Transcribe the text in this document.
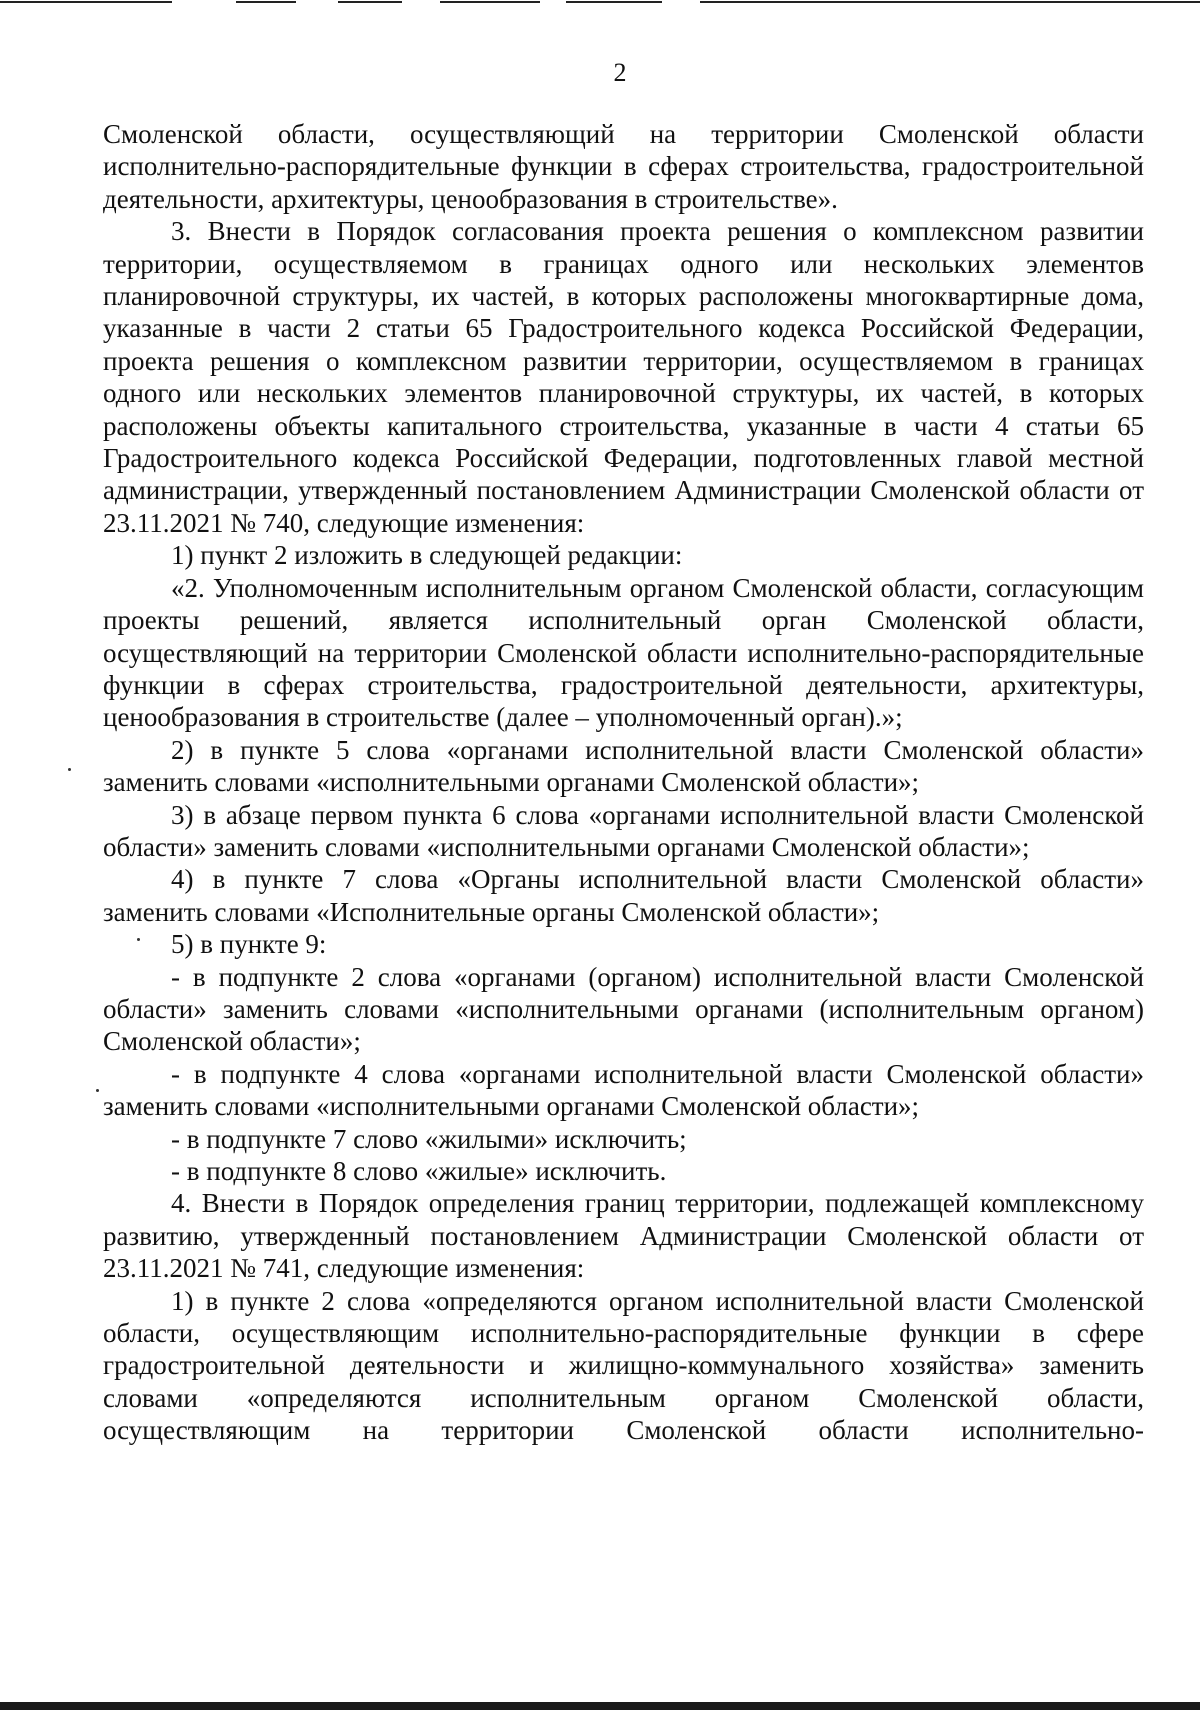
2

Смоленской области, осуществляющий на территории Смоленской области исполнительно-распорядительные функции в сферах строительства, градостроительной деятельности, архитектуры, ценообразования в строительстве».

3. Внести в Порядок согласования проекта решения о комплексном развитии территории, осуществляемом в границах одного или нескольких элементов планировочной структуры, их частей, в которых расположены многоквартирные дома, указанные в части 2 статьи 65 Градостроительного кодекса Российской Федерации, проекта решения о комплексном развитии территории, осуществляемом в границах одного или нескольких элементов планировочной структуры, их частей, в которых расположены объекты капитального строительства, указанные в части 4 статьи 65 Градостроительного кодекса Российской Федерации, подготовленных главой местной администрации, утвержденный постановлением Администрации Смоленской области от 23.11.2021 № 740, следующие изменения:

1) пункт 2 изложить в следующей редакции:

«2. Уполномоченным исполнительным органом Смоленской области, согласующим проекты решений, является исполнительный орган Смоленской области, осуществляющий на территории Смоленской области исполнительно-распорядительные функции в сферах строительства, градостроительной деятельности, архитектуры, ценообразования в строительстве (далее – уполномоченный орган).»;

2) в пункте 5 слова «органами исполнительной власти Смоленской области» заменить словами «исполнительными органами Смоленской области»;

3) в абзаце первом пункта 6 слова «органами исполнительной власти Смоленской области» заменить словами «исполнительными органами Смоленской области»;

4) в пункте 7 слова «Органы исполнительной власти Смоленской области» заменить словами «Исполнительные органы Смоленской области»;

5) в пункте 9:

- в подпункте 2 слова «органами (органом) исполнительной власти Смоленской области» заменить словами «исполнительными органами (исполнительным органом) Смоленской области»;

- в подпункте 4 слова «органами исполнительной власти Смоленской области» заменить словами «исполнительными органами Смоленской области»;

- в подпункте 7 слово «жилыми» исключить;

- в подпункте 8 слово «жилые» исключить.

4. Внести в Порядок определения границ территории, подлежащей комплексному развитию, утвержденный постановлением Администрации Смоленской области от 23.11.2021 № 741, следующие изменения:

1) в пункте 2 слова «определяются органом исполнительной власти Смоленской области, осуществляющим исполнительно-распорядительные функции в сфере градостроительной деятельности и жилищно-коммунального хозяйства» заменить словами «определяются исполнительным органом Смоленской области, осуществляющим на территории Смоленской области исполнительно-
